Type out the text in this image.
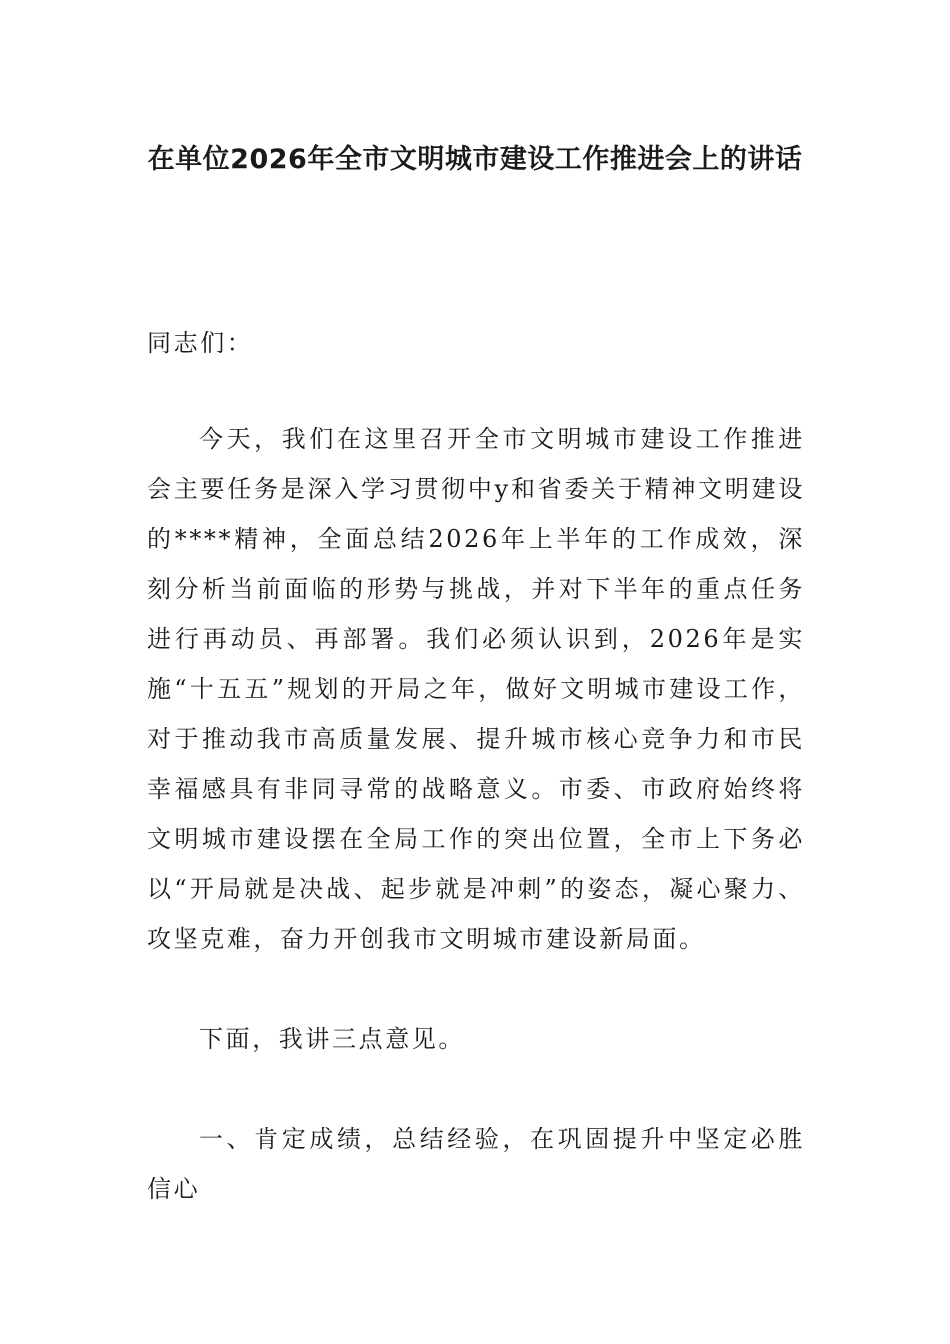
在单位2026年全市文明城市建设工作推进会上的讲话

同志们：

今天，我们在这里召开全市文明城市建设工作推进会主要任务是深入学习贯彻中y和省委关于精神文明建设的****精神，全面总结2026年上半年的工作成效，深刻分析当前面临的形势与挑战，并对下半年的重点任务进行再动员、再部署。我们必须认识到，2026年是实施“十五五”规划的开局之年，做好文明城市建设工作，对于推动我市高质量发展、提升城市核心竞争力和市民幸福感具有非同寻常的战略意义。市委、市政府始终将文明城市建设摆在全局工作的突出位置，全市上下务必以“开局就是决战、起步就是冲刺”的姿态，凝心聚力、攻坚克难，奋力开创我市文明城市建设新局面。

下面，我讲三点意见。

一、肯定成绩，总结经验，在巩固提升中坚定必胜信心
